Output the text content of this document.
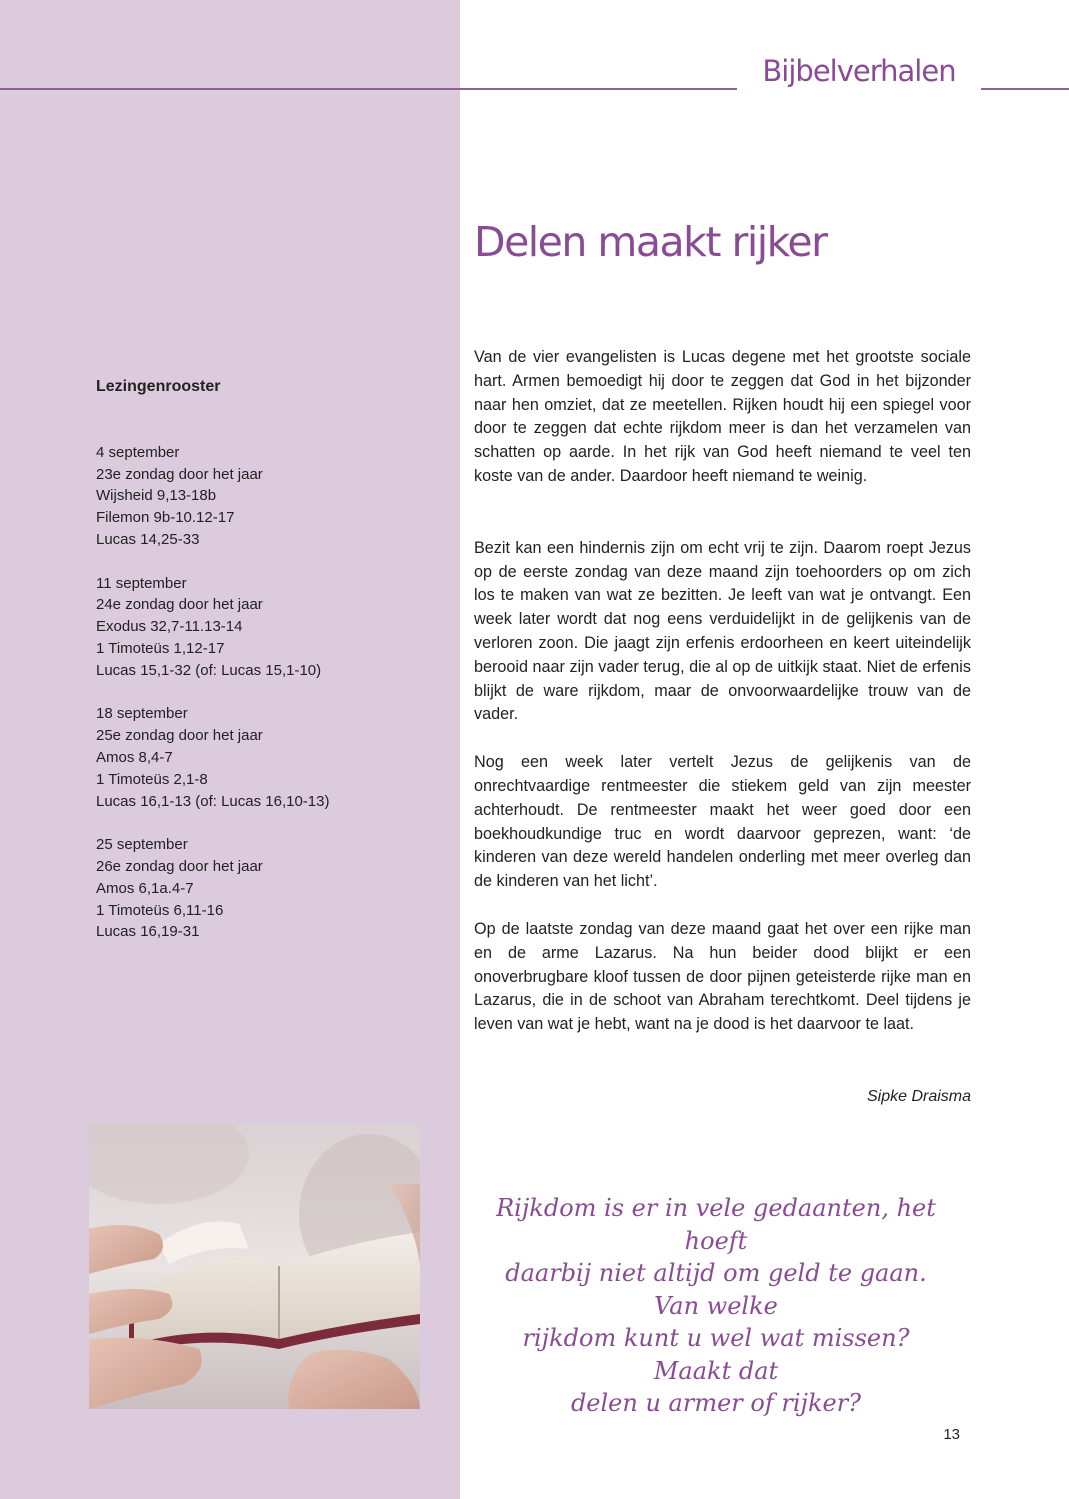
Bijbelverhalen
Delen maakt rijker

Lezingenrooster

4 september
23e zondag door het jaar
Wijsheid 9,13-18b
Filemon 9b-10.12-17
Lucas 14,25-33
11 september
24e zondag door het jaar
Exodus 32,7-11.13-14
1 Timoteüs 1,12-17
Lucas 15,1-32 (of: Lucas 15,1-10)
18 september
25e zondag door het jaar
Amos 8,4-7
1 Timoteüs 2,1-8
Lucas 16,1-13 (of: Lucas 16,10-13)
25 september
26e zondag door het jaar
Amos 6,1a.4-7
1 Timoteüs 6,11-16
Lucas 16,19-31

Van de vier evangelisten is Lucas degene met het grootste sociale hart. Armen bemoedigt hij door te zeggen dat God in het bijzonder naar hen omziet, dat ze meetellen. Rijken houdt hij een spiegel voor door te zeggen dat echte rijkdom meer is dan het verzamelen van schatten op aarde. In het rijk van God heeft niemand te veel ten koste van de ander. Daardoor heeft niemand te weinig.

Bezit kan een hindernis zijn om echt vrij te zijn. Daarom roept Jezus op de eerste zondag van deze maand zijn toehoorders op om zich los te maken van wat ze bezitten. Je leeft van wat je ontvangt. Een week later wordt dat nog eens verduidelijkt in de gelijkenis van de verloren zoon. Die jaagt zijn erfenis erdoorheen en keert uiteindelijk berooid naar zijn vader terug, die al op de uitkijk staat. Niet de erfenis blijkt de ware rijkdom, maar de onvoorwaardelijke trouw van de vader.

Nog een week later vertelt Jezus de gelijkenis van de onrechtvaardige rentmeester die stiekem geld van zijn meester achterhoudt. De rentmeester maakt het weer goed door een boekhoudkundige truc en wordt daarvoor geprezen, want: ‘de kinderen van deze wereld handelen onderling met meer overleg dan de kinderen van het licht’.

Op de laatste zondag van deze maand gaat het over een rijke man en de arme Lazarus. Na hun beider dood blijkt er een onoverbrugbare kloof tussen de door pijnen geteisterde rijke man en Lazarus, die in de schoot van Abraham terechtkomt. Deel tijdens je leven van wat je hebt, want na je dood is het daarvoor te laat.

Sipke Draisma
Rijkdom is er in vele gedaanten, het hoeft
daarbij niet altijd om geld te gaan. Van welke
rijkdom kunt u wel wat missen? Maakt dat
delen u armer of rijker?
13
